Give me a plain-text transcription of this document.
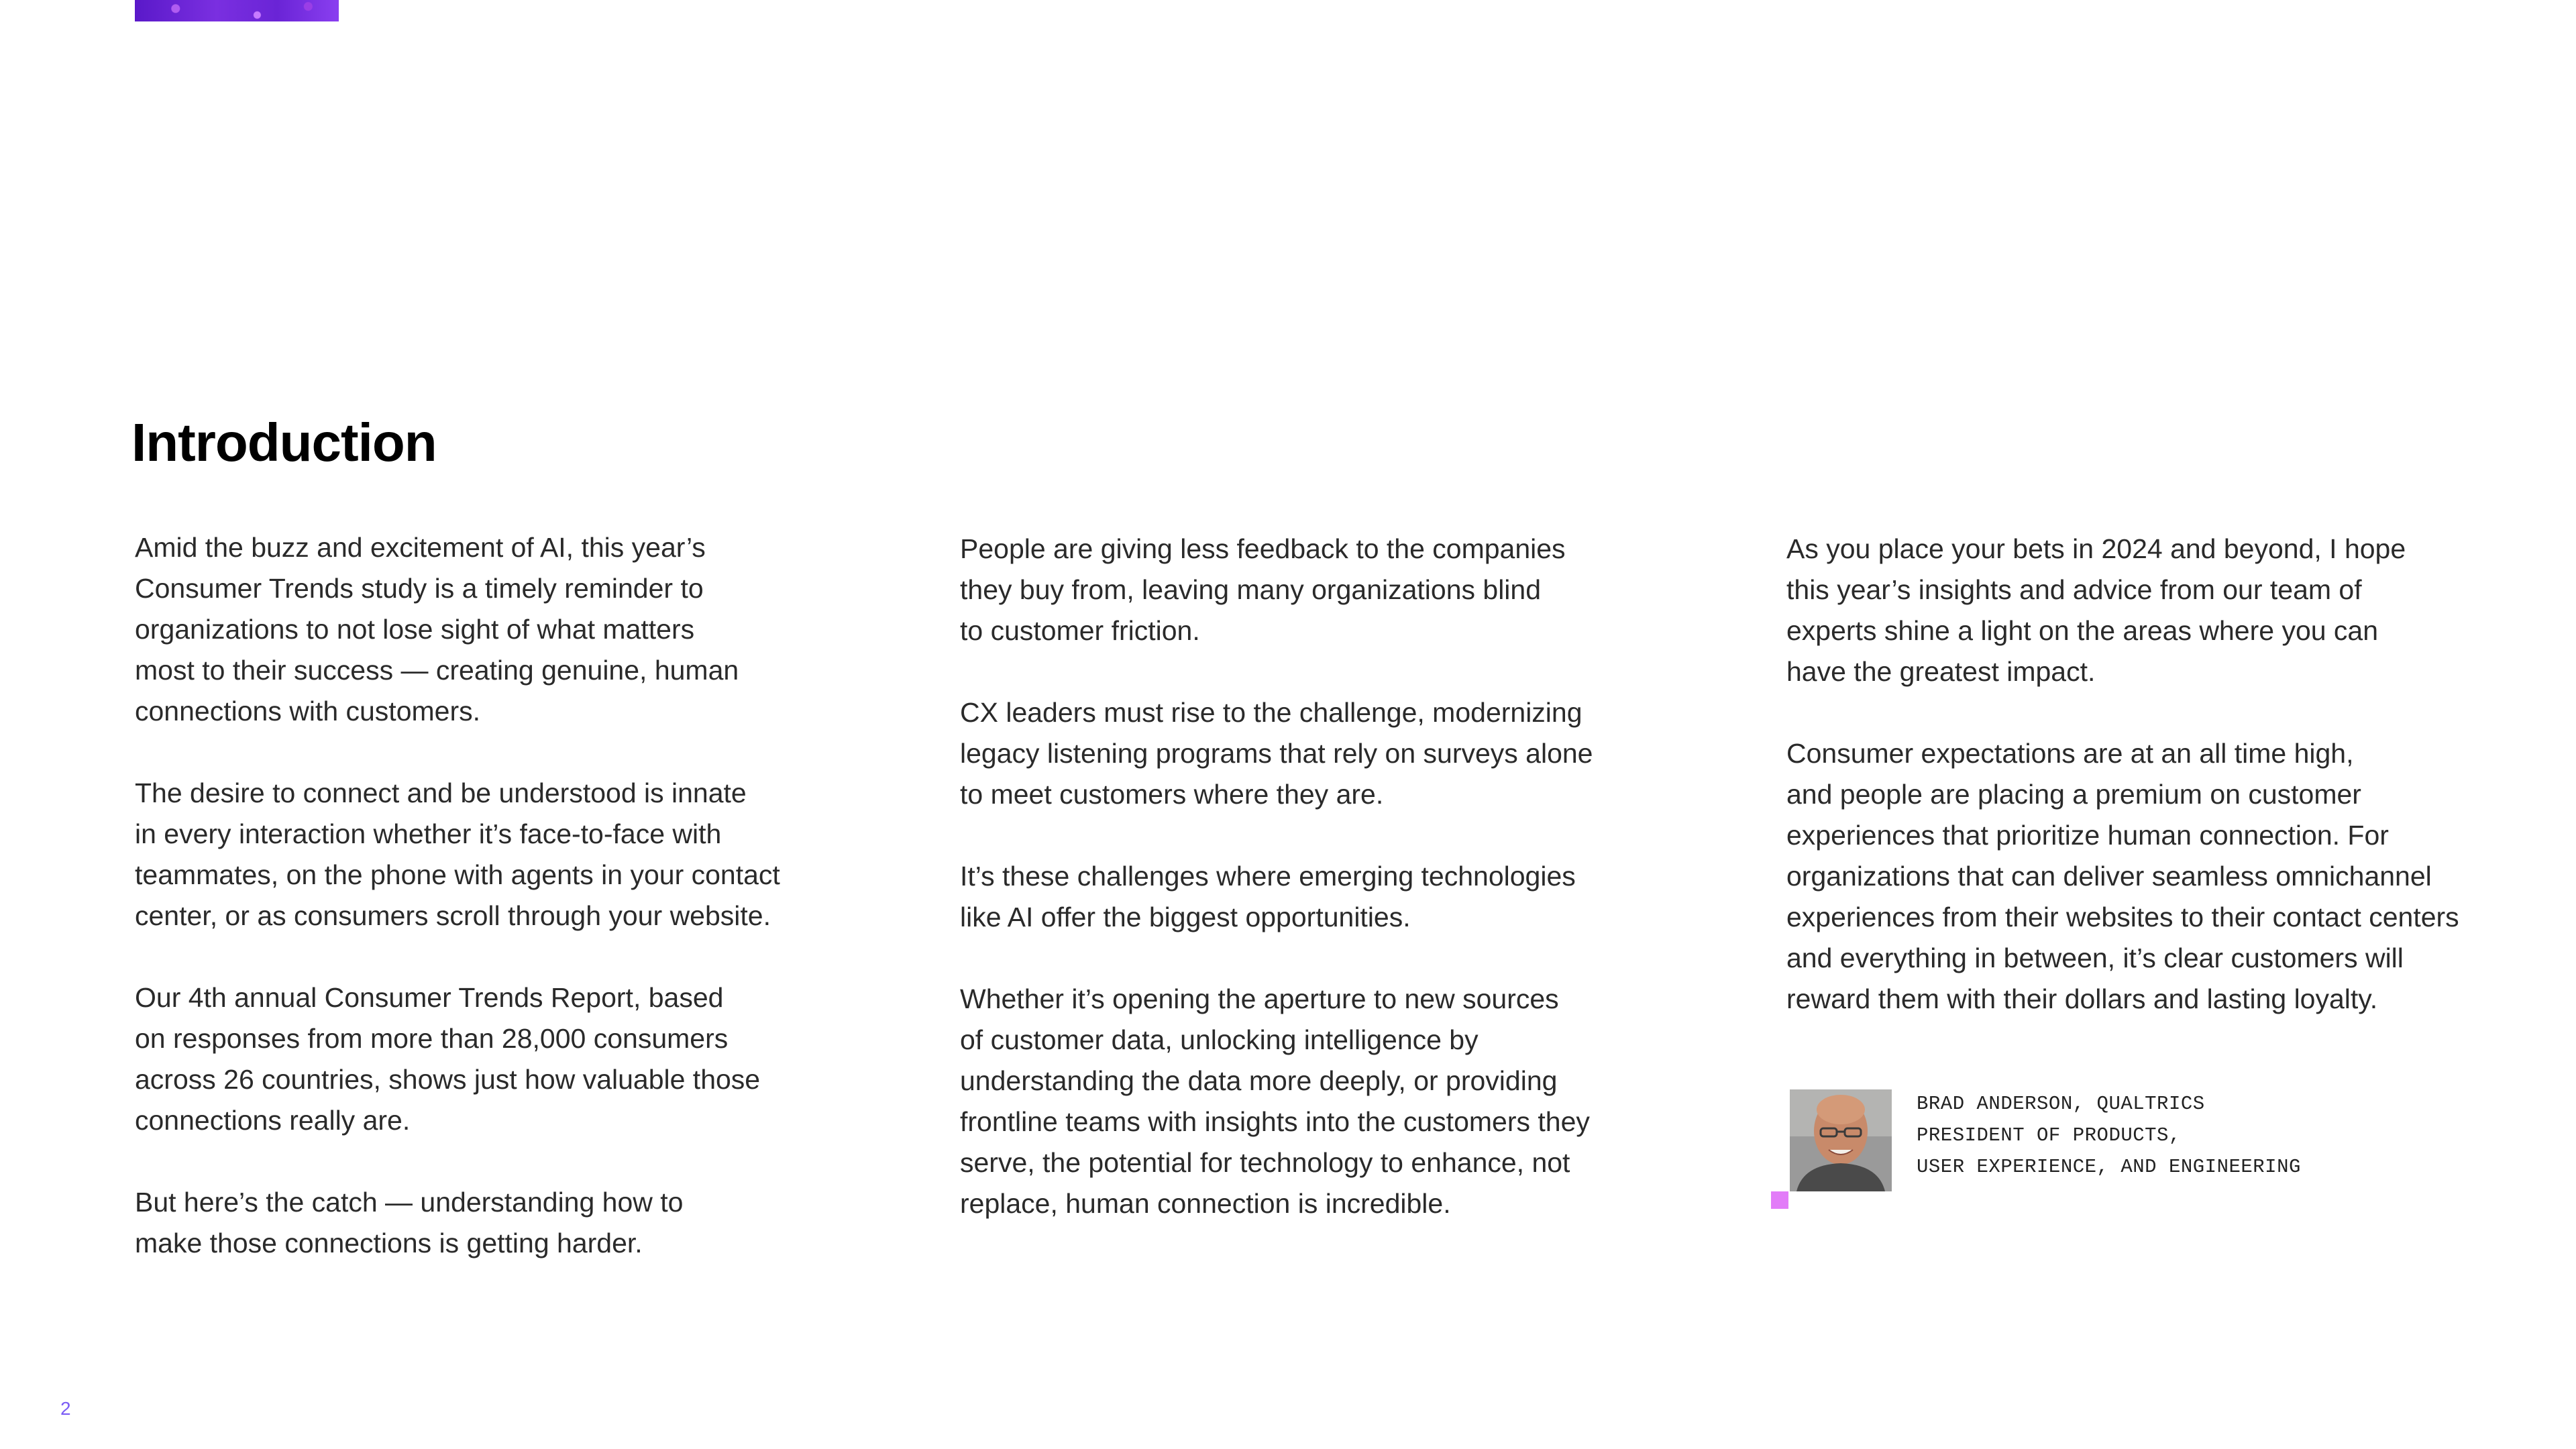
Introduction

Amid the buzz and excitement of AI, this year’s
Consumer Trends study is a timely reminder to
organizations to not lose sight of what matters
most to their success — creating genuine, human
connections with customers.

The desire to connect and be understood is innate
in every interaction whether it’s face-to-face with
teammates, on the phone with agents in your contact
center, or as consumers scroll through your website.

Our 4th annual Consumer Trends Report, based
on responses from more than 28,000 consumers
across 26 countries, shows just how valuable those
connections really are.

But here’s the catch — understanding how to
make those connections is getting harder.

People are giving less feedback to the companies
they buy from, leaving many organizations blind
to customer friction.

CX leaders must rise to the challenge, modernizing
legacy listening programs that rely on surveys alone
to meet customers where they are.

It’s these challenges where emerging technologies
like AI offer the biggest opportunities.

Whether it’s opening the aperture to new sources
of customer data, unlocking intelligence by
understanding the data more deeply, or providing
frontline teams with insights into the customers they
serve, the potential for technology to enhance, not
replace, human connection is incredible.

As you place your bets in 2024 and beyond, I hope
this year’s insights and advice from our team of
experts shine a light on the areas where you can
have the greatest impact.

Consumer expectations are at an all time high,
and people are placing a premium on customer
experiences that prioritize human connection. For
organizations that can deliver seamless omnichannel
experiences from their websites to their contact centers
and everything in between, it’s clear customers will
reward them with their dollars and lasting loyalty.

BRAD ANDERSON, QUALTRICS
PRESIDENT OF PRODUCTS,
USER EXPERIENCE, AND ENGINEERING
2
